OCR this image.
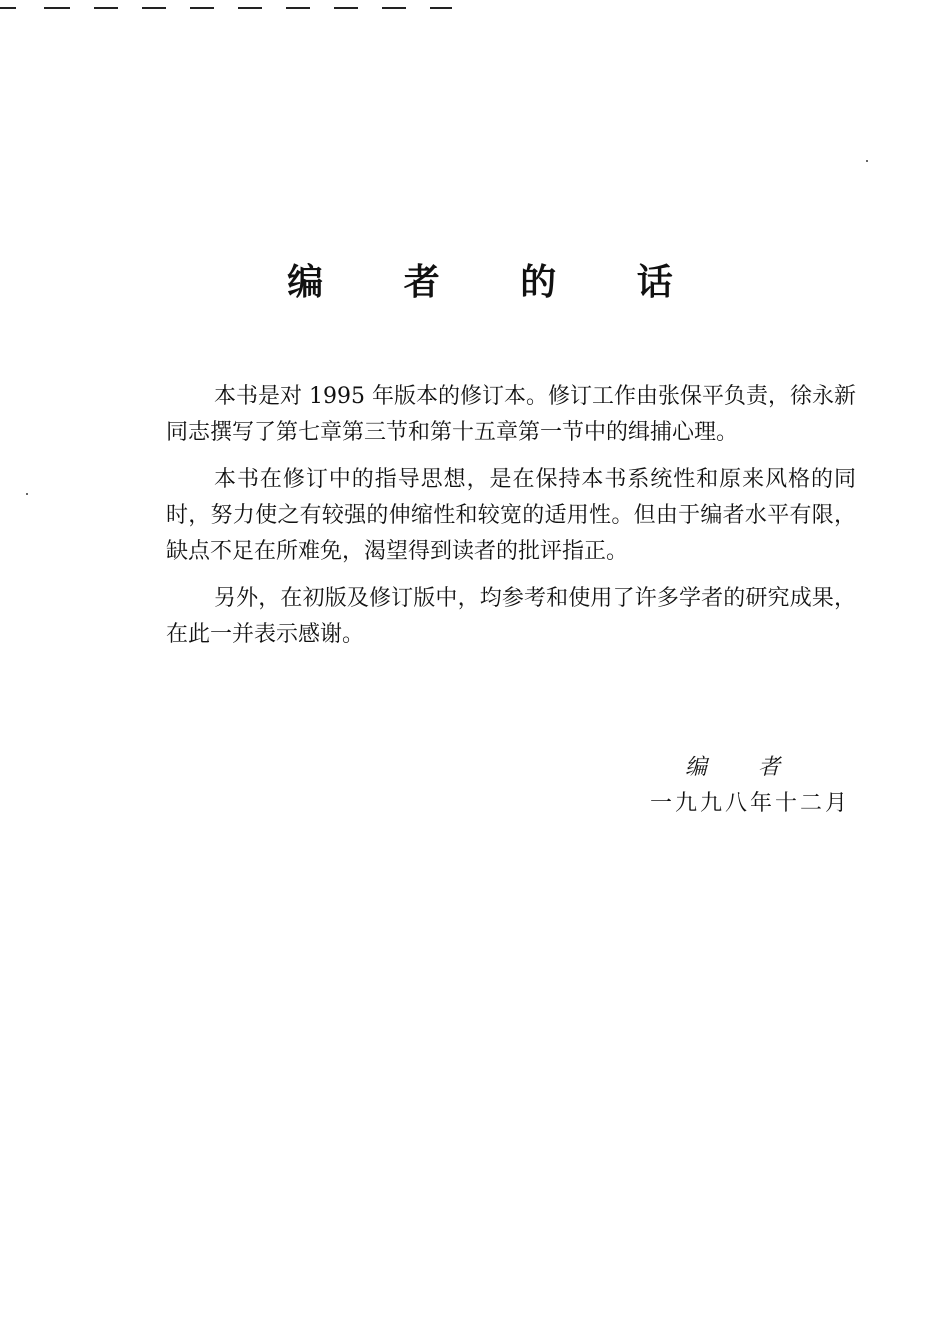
编 者 的 话

本书是对 1995 年版本的修订本。修订工作由张保平负责，徐永新同志撰写了第七章第三节和第十五章第一节中的缉捕心理。

本书在修订中的指导思想，是在保持本书系统性和原来风格的同时，努力使之有较强的伸缩性和较宽的适用性。但由于编者水平有限，缺点不足在所难免，渴望得到读者的批评指正。

另外，在初版及修订版中，均参考和使用了许多学者的研究成果，在此一并表示感谢。

编 者

一九九八年十二月
